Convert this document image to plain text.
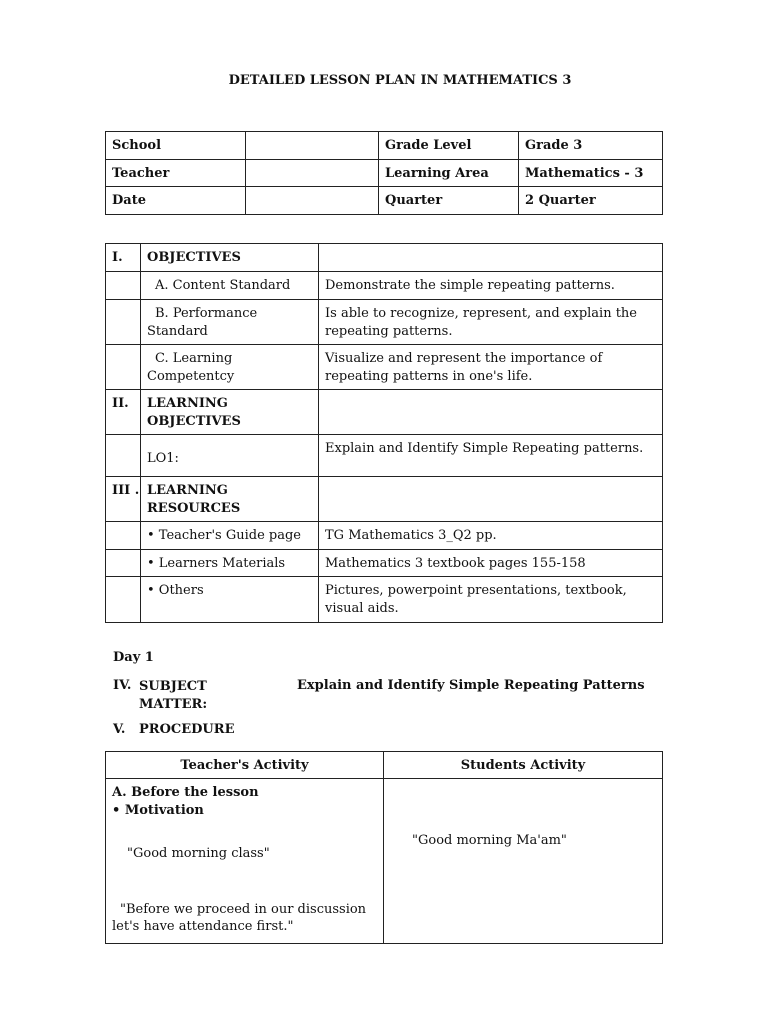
DETAILED LESSON PLAN IN MATHEMATICS 3
School		Grade Level	Grade 3
Teacher		Learning Area	Mathematics - 3
Date		Quarter	2 Quarter
I.	OBJECTIVES	
	A. Content Standard	Demonstrate the simple repeating patterns.
	B. Performance Standard	Is able to recognize, represent, and explain the repeating patterns.
	C. Learning Competentcy	Visualize and represent the importance of repeating patterns in one's life.
II.	LEARNING OBJECTIVES	
	LO1:	Explain and Identify Simple Repeating patterns.
III .	LEARNING RESOURCES	
	• Teacher's Guide page	TG Mathematics 3_Q2 pp.
	• Learners Materials	Mathematics 3 textbook pages 155-158
	• Others	Pictures, powerpoint presentations, textbook, visual aids.
Day 1
IV. SUBJECT
MATTER:
Explain and Identify Simple Repeating Patterns
V. PROCEDURE
Teacher's Activity	Students Activity

A. Before the lesson
• Motivation
"Good morning class"
"Before we proceed in our discussion let's have attendance first."	"Good morning Ma'am"
